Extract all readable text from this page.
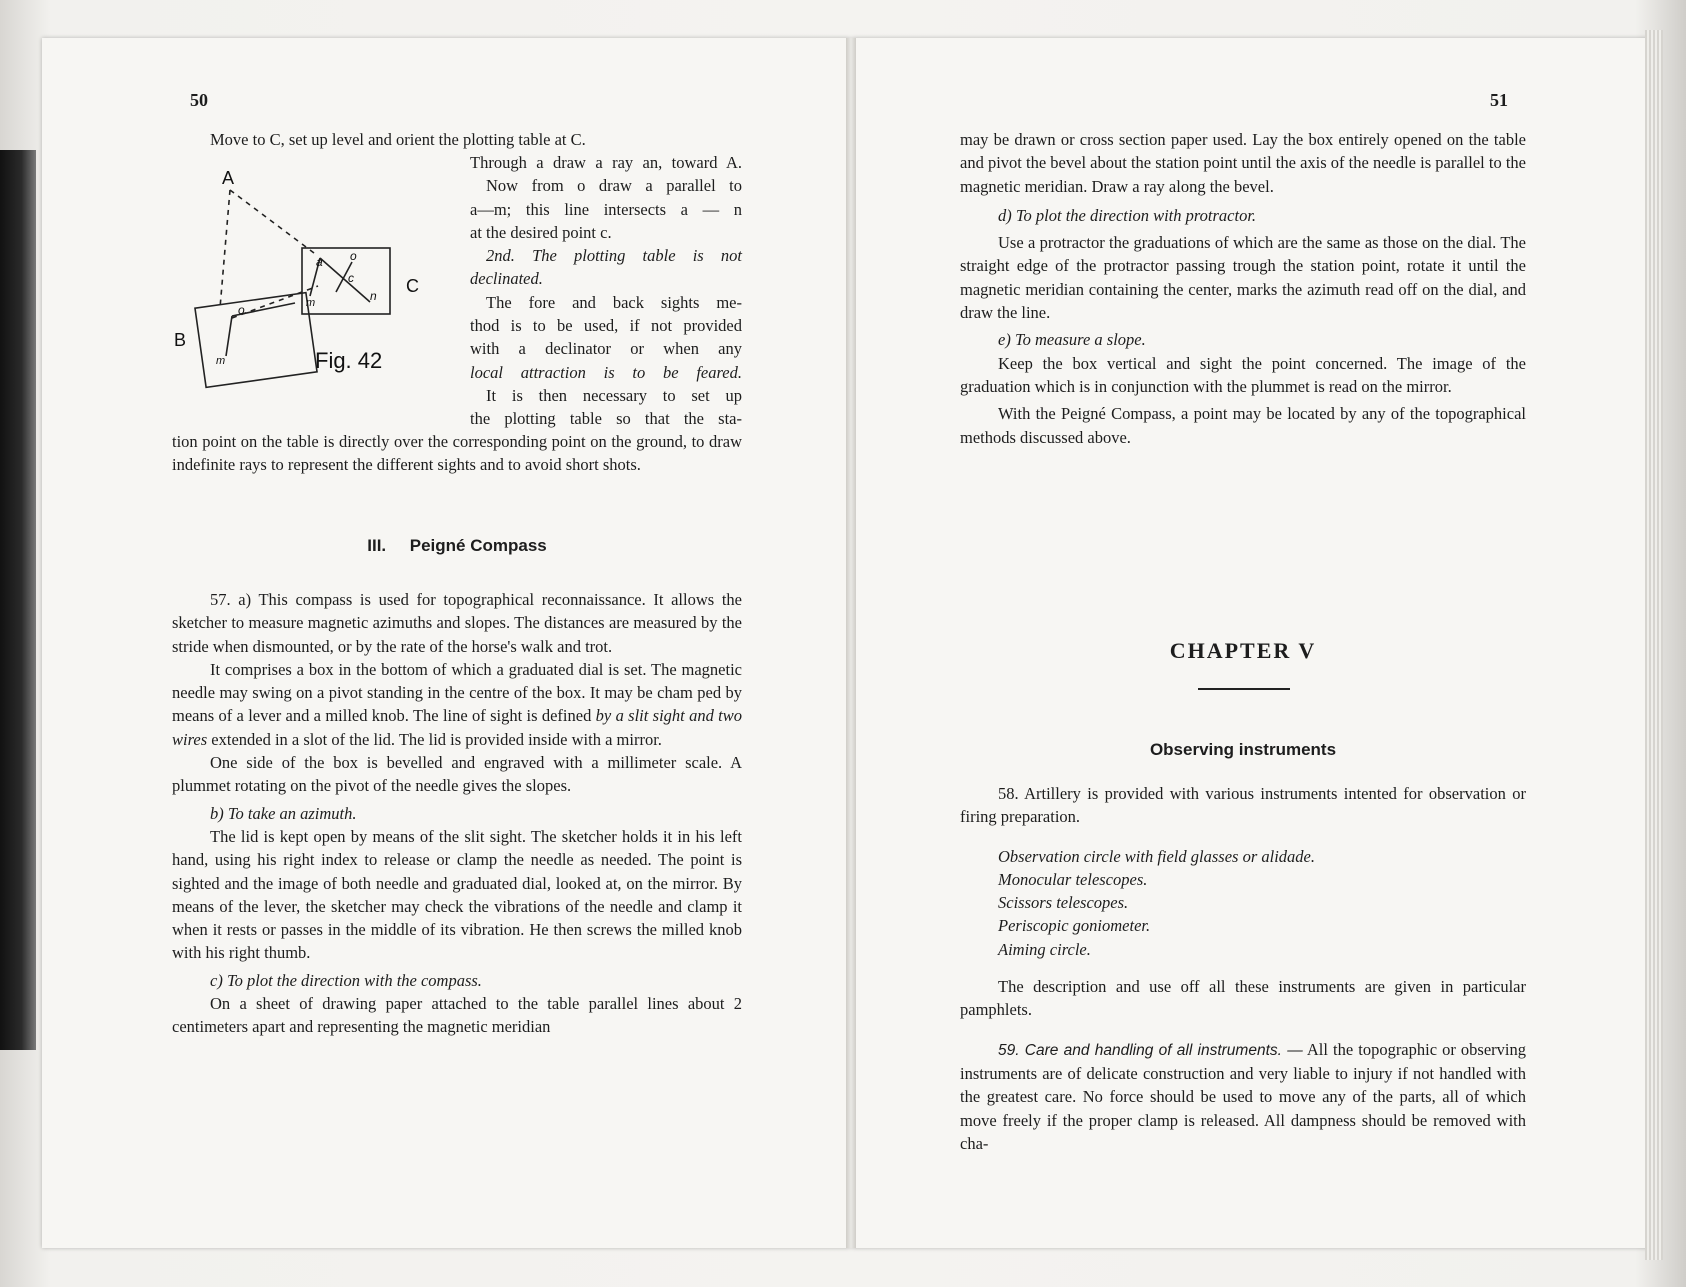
50

Move to C, set up level and orient the plotting table at C.

Through a draw a ray an, toward A.

Now from o draw a parallel to

a—m; this line intersects a — n

at the desired point c.

2nd. The plotting table is not

declinated.

The fore and back sights me-

thod is to be used, if not provided

with a declinator or when any

local attraction is to be feared.

It is then necessary to set up

the plotting table so that the sta-

A
B
C
a o
c
n
m
o
m	Fig. 42
tion point on the table is directly over the corresponding point on the ground, to draw indefinite rays to represent the different sights and to avoid short shots.
III.     Peigné Compass

57. a) This compass is used for topographical reconnaissance. It allows the sketcher to measure magnetic azimuths and slopes. The distances are measured by the stride when dismounted, or by the rate of the horse's walk and trot.

It comprises a box in the bottom of which a graduated dial is set. The magnetic needle may swing on a pivot standing in the centre of the box. It may be cham ped by means of a lever and a milled knob. The line of sight is defined by a slit sight and two wires extended in a slot of the lid. The lid is provided inside with a mirror.

One side of the box is bevelled and engraved with a millimeter scale. A plummet rotating on the pivot of the needle gives the slopes.

b) To take an azimuth.

The lid is kept open by means of the slit sight. The sketcher holds it in his left hand, using his right index to release or clamp the needle as needed. The point is sighted and the image of both needle and graduated dial, looked at, on the mirror. By means of the lever, the sketcher may check the vibrations of the needle and clamp it when it rests or passes in the middle of its vibration. He then screws the milled knob with his right thumb.

c) To plot the direction with the compass.

On a sheet of drawing paper attached to the table parallel lines about 2 centimeters apart and representing the magnetic meridian

51

may be drawn or cross section paper used. Lay the box entirely opened on the table and pivot the bevel about the station point until the axis of the needle is parallel to the magnetic meridian. Draw a ray along the bevel.

d) To plot the direction with protractor.

Use a protractor the graduations of which are the same as those on the dial. The straight edge of the protractor passing trough the station point, rotate it until the magnetic meridian containing the center, marks the azimuth read off on the dial, and draw the line.

e) To measure a slope.

Keep the box vertical and sight the point concerned. The image of the graduation which is in conjunction with the plummet is read on the mirror.

With the Peigné Compass, a point may be located by any of the topographical methods discussed above.

CHAPTER V
Observing instruments

58. Artillery is provided with various instruments intented for observation or firing preparation.

Observation circle with field glasses or alidade.

Monocular telescopes.

Scissors telescopes.

Periscopic goniometer.

Aiming circle.

The description and use off all these instruments are given in particular pamphlets.

59. Care and handling of all instruments. — All the topographic or observing instruments are of delicate construction and very liable to injury if not handled with the greatest care. No force should be used to move any of the parts, all of which move freely if the proper clamp is released. All dampness should be removed with cha-
